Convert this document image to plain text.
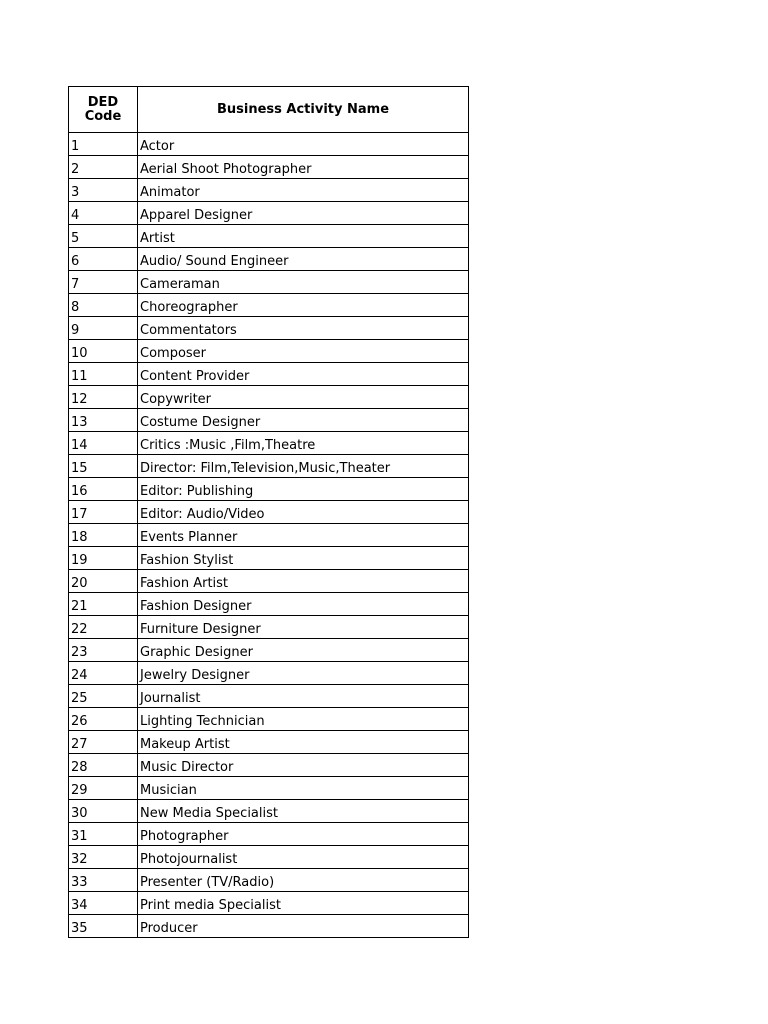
DED
Code	Business Activity Name
1	Actor
2	Aerial Shoot Photographer
3	Animator
4	Apparel Designer
5	Artist
6	Audio/ Sound Engineer
7	Cameraman
8	Choreographer
9	Commentators
10	Composer
11	Content Provider
12	Copywriter
13	Costume Designer
14	Critics :Music ,Film,Theatre
15	Director: Film,Television,Music,Theater
16	Editor: Publishing
17	Editor: Audio/Video
18	Events Planner
19	Fashion Stylist
20	Fashion Artist
21	Fashion Designer
22	Furniture Designer
23	Graphic Designer
24	Jewelry Designer
25	Journalist
26	Lighting Technician
27	Makeup Artist
28	Music Director
29	Musician
30	New Media Specialist
31	Photographer
32	Photojournalist
33	Presenter (TV/Radio)
34	Print media Specialist
35	Producer
